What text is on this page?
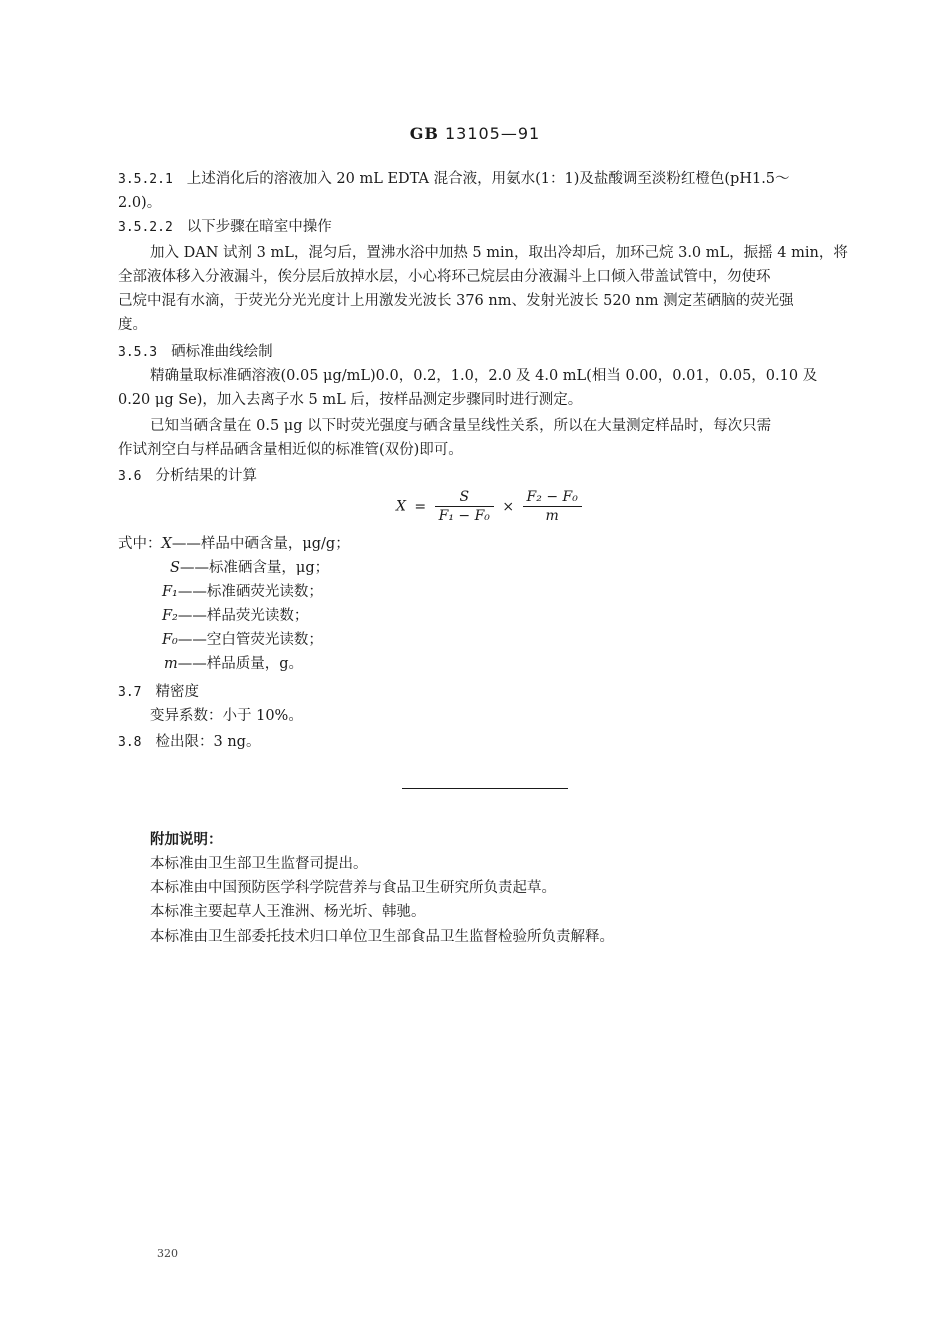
GB 13105—91
3.5.2.1 上述消化后的溶液加入 20 mL EDTA 混合液，用氨水(1：1)及盐酸调至淡粉红橙色(pH1.5～
2.0)。
3.5.2.2 以下步骤在暗室中操作
加入 DAN 试剂 3 mL，混匀后，置沸水浴中加热 5 min，取出冷却后，加环己烷 3.0 mL，振摇 4 min，将
全部液体移入分液漏斗，俟分层后放掉水层，小心将环己烷层由分液漏斗上口倾入带盖试管中，勿使环
己烷中混有水滴，于荧光分光光度计上用激发光波长 376 nm、发射光波长 520 nm 测定苤硒脑的荧光强
度。
3.5.3 硒标准曲线绘制
精确量取标准硒溶液(0.05 μg/mL)0.0，0.2，1.0，2.0 及 4.0 mL(相当 0.00，0.01，0.05，0.10 及
0.20 μg Se)，加入去离子水 5 mL 后，按样品测定步骤同时进行测定。
已知当硒含量在 0.5 μg 以下时荧光强度与硒含量呈线性关系，所以在大量测定样品时，每次只需
作试剂空白与样品硒含量相近似的标准管(双份)即可。
3.6 分析结果的计算
$X = \frac{S}{\text{F₁ − F₀}} \times \frac{\text{F₂ − F₀}}{m}$
式中：X——样品中硒含量，μg/g；
S——标准硒含量，μg；
F₁——标准硒荧光读数；
F₂——样品荧光读数；
F₀——空白管荧光读数；
m——样品质量，g。
3.7 精密度
变异系数：小于 10%。
3.8 检出限：3 ng。
附加说明：
本标准由卫生部卫生监督司提出。
本标准由中国预防医学科学院营养与食品卫生研究所负责起草。
本标准主要起草人王淮洲、杨光圻、韩驰。
本标准由卫生部委托技术归口单位卫生部食品卫生监督检验所负责解释。
320
